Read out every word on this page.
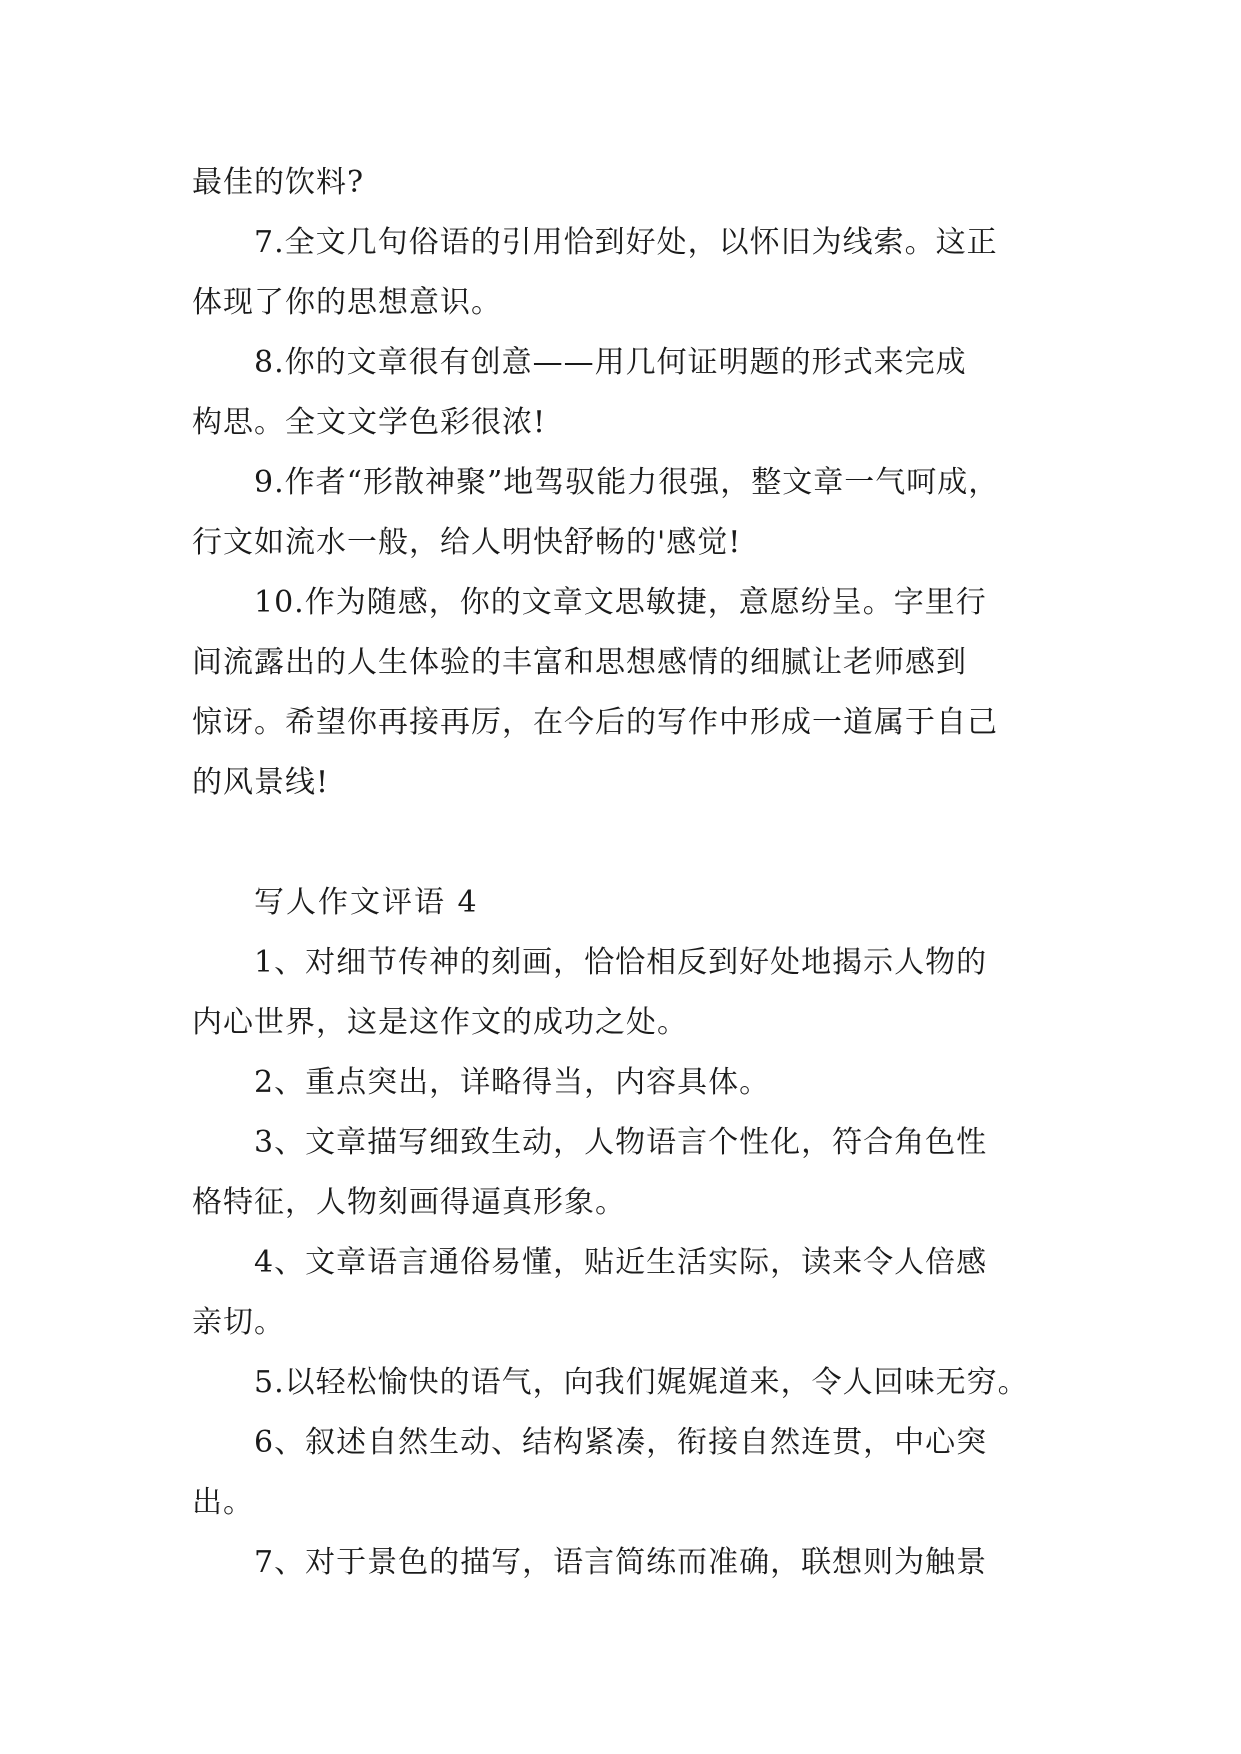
最佳的饮料?
7.全文几句俗语的引用恰到好处，以怀旧为线索。这正
体现了你的思想意识。
8.你的文章很有创意——用几何证明题的形式来完成
构思。全文文学色彩很浓!
9.作者“形散神聚”地驾驭能力很强，整文章一气呵成，
行文如流水一般，给人明快舒畅的'感觉!
10.作为随感，你的文章文思敏捷，意愿纷呈。字里行
间流露出的人生体验的丰富和思想感情的细腻让老师感到
惊讶。希望你再接再厉，在今后的写作中形成一道属于自己
的风景线!
写人作文评语 4
1、对细节传神的刻画，恰恰相反到好处地揭示人物的
内心世界，这是这作文的成功之处。
2、重点突出，详略得当，内容具体。
3、文章描写细致生动，人物语言个性化，符合角色性
格特征，人物刻画得逼真形象。
4、文章语言通俗易懂，贴近生活实际，读来令人倍感
亲切。
5.以轻松愉快的语气，向我们娓娓道来，令人回味无穷。
6、叙述自然生动、结构紧凑，衔接自然连贯，中心突
出。
7、对于景色的描写，语言简练而准确，联想则为触景
